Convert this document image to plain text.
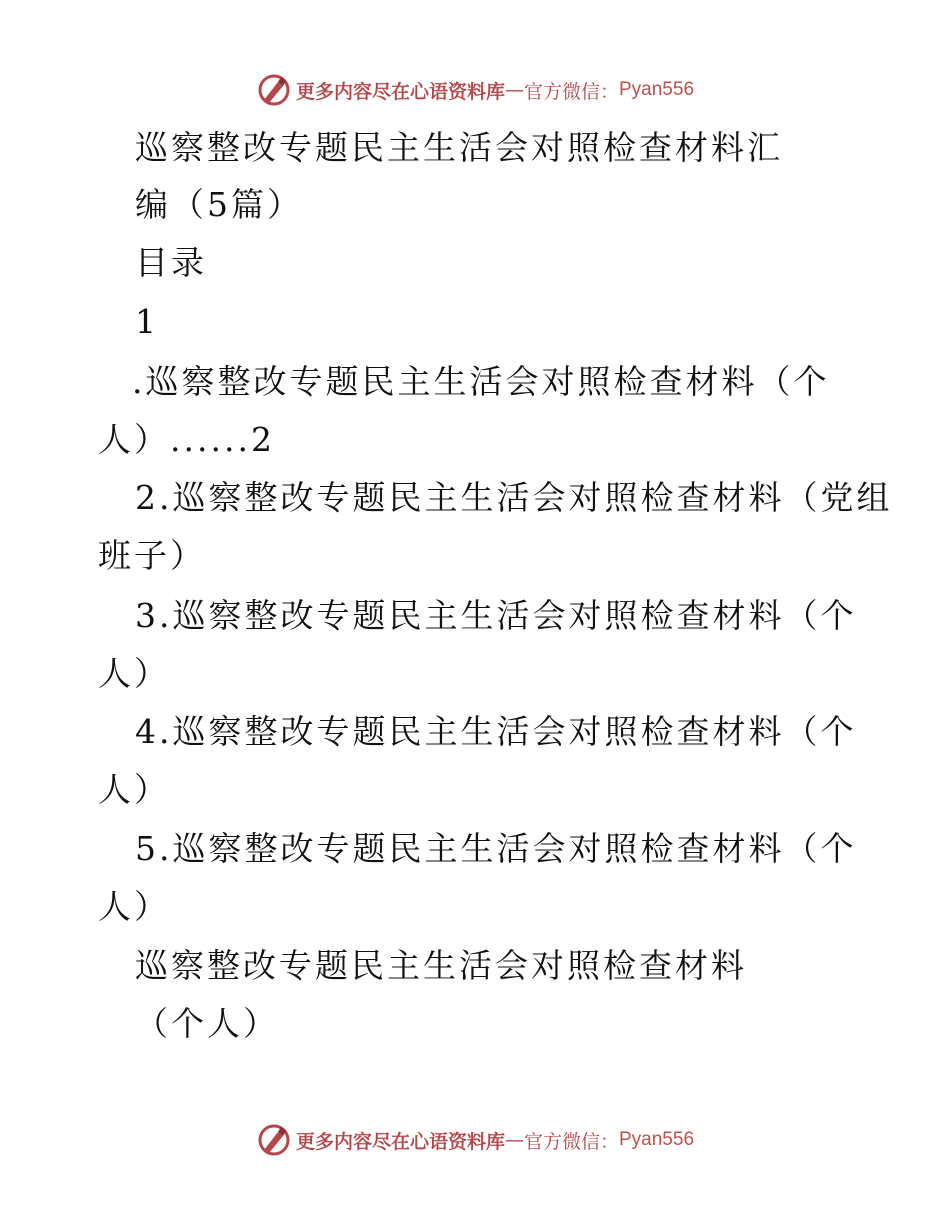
更多内容尽在心语资料库 — 官方微信： Pyan556
巡察整改专题民主生活会对照检查材料汇
编（5篇）
目录
1
.巡察整改专题民主生活会对照检查材料（个
人）......2
2.巡察整改专题民主生活会对照检查材料（党组
班子）
3.巡察整改专题民主生活会对照检查材料（个
人）
4.巡察整改专题民主生活会对照检查材料（个
人）
5.巡察整改专题民主生活会对照检查材料（个
人）
巡察整改专题民主生活会对照检查材料
（个人）
更多内容尽在心语资料库 — 官方微信： Pyan556
